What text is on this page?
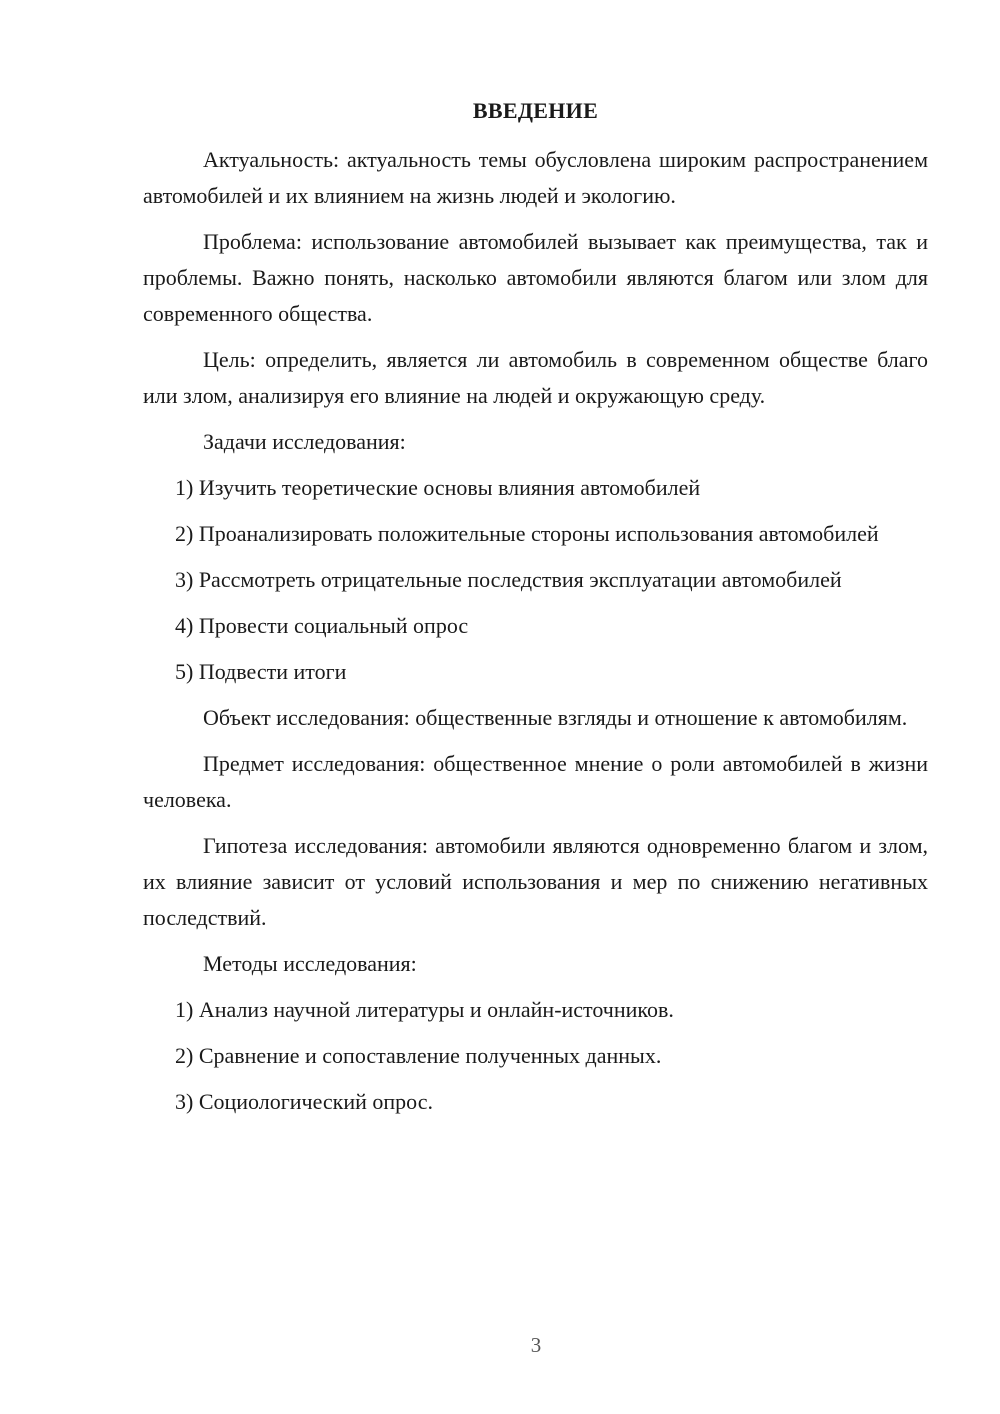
ВВЕДЕНИЕ

Актуальность: актуальность темы обусловлена широким распространением автомобилей и их влиянием на жизнь людей и экологию.

Проблема: использование автомобилей вызывает как преимущества, так и проблемы. Важно понять, насколько автомобили являются благом или злом для современного общества.

Цель: определить, является ли автомобиль в современном обществе благо или злом, анализируя его влияние на людей и окружающую среду.

Задачи исследования:

1) Изучить теоретические основы влияния автомобилей

2) Проанализировать положительные стороны использования автомобилей

3) Рассмотреть отрицательные последствия эксплуатации автомобилей

4) Провести социальный опрос

5) Подвести итоги

Объект исследования: общественные взгляды и отношение к автомобилям.

Предмет исследования: общественное мнение о роли автомобилей в жизни человека.

Гипотеза исследования: автомобили являются одновременно благом и злом, их влияние зависит от условий использования и мер по снижению негативных последствий.

Методы исследования:

1) Анализ научной литературы и онлайн-источников.

2) Сравнение и сопоставление полученных данных.

3) Социологический опрос.

3
